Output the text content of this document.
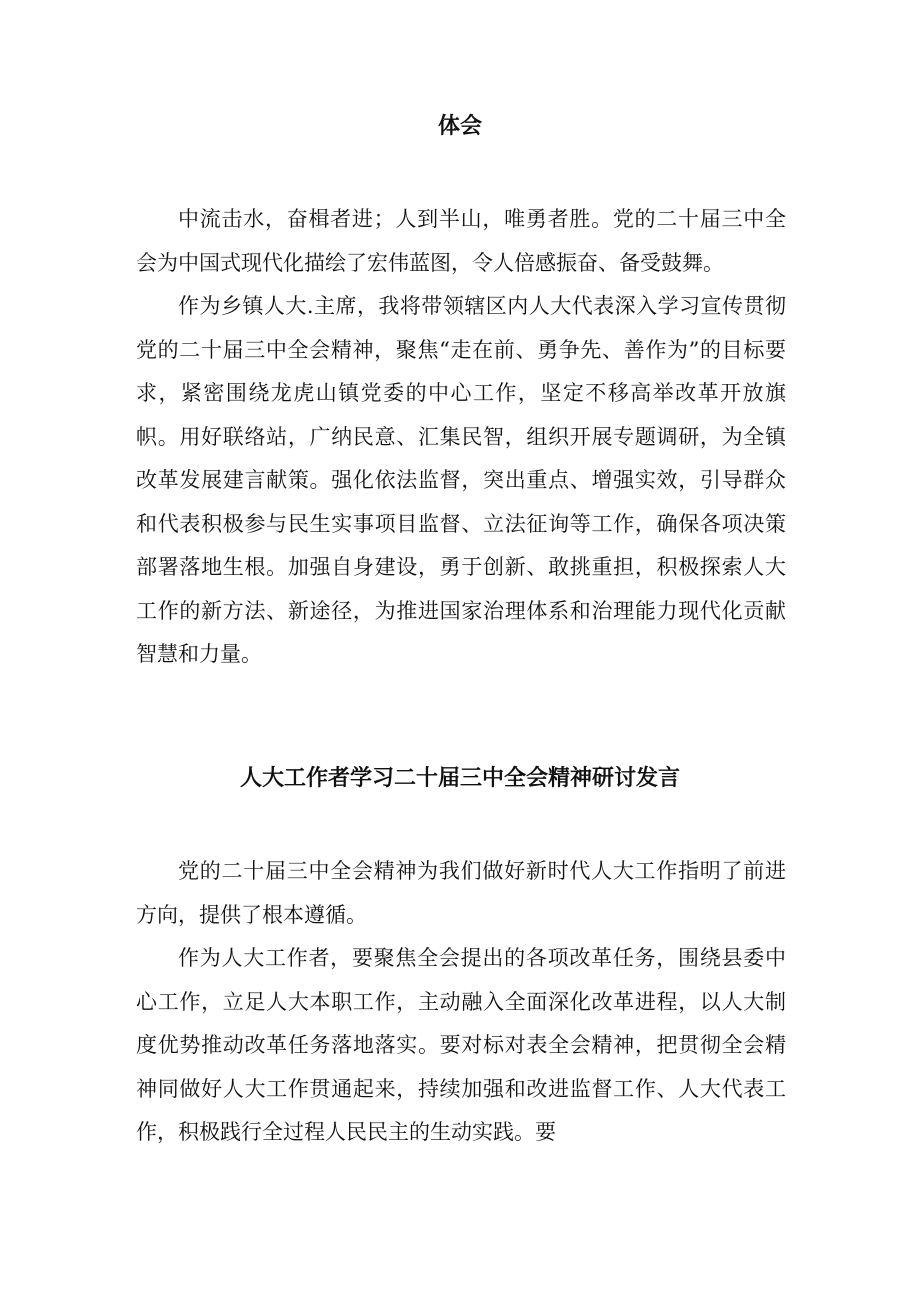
体会

中流击水，奋楫者进；人到半山，唯勇者胜。党的二十届三中全会为中国式现代化描绘了宏伟蓝图，令人倍感振奋、备受鼓舞。

作为乡镇人大.主席，我将带领辖区内人大代表深入学习宣传贯彻党的二十届三中全会精神，聚焦“走在前、勇争先、善作为”的目标要求，紧密围绕龙虎山镇党委的中心工作，坚定不移高举改革开放旗帜。用好联络站，广纳民意、汇集民智，组织开展专题调研，为全镇改革发展建言献策。强化依法监督，突出重点、增强实效，引导群众和代表积极参与民生实事项目监督、立法征询等工作，确保各项决策部署落地生根。加强自身建设，勇于创新、敢挑重担，积极探索人大工作的新方法、新途径，为推进国家治理体系和治理能力现代化贡献智慧和力量。

人大工作者学习二十届三中全会精神研讨发言

党的二十届三中全会精神为我们做好新时代人大工作指明了前进方向，提供了根本遵循。

作为人大工作者，要聚焦全会提出的各项改革任务，围绕县委中心工作，立足人大本职工作，主动融入全面深化改革进程，以人大制度优势推动改革任务落地落实。要对标对表全会精神，把贯彻全会精神同做好人大工作贯通起来，持续加强和改进监督工作、人大代表工作，积极践行全过程人民民主的生动实践。要
